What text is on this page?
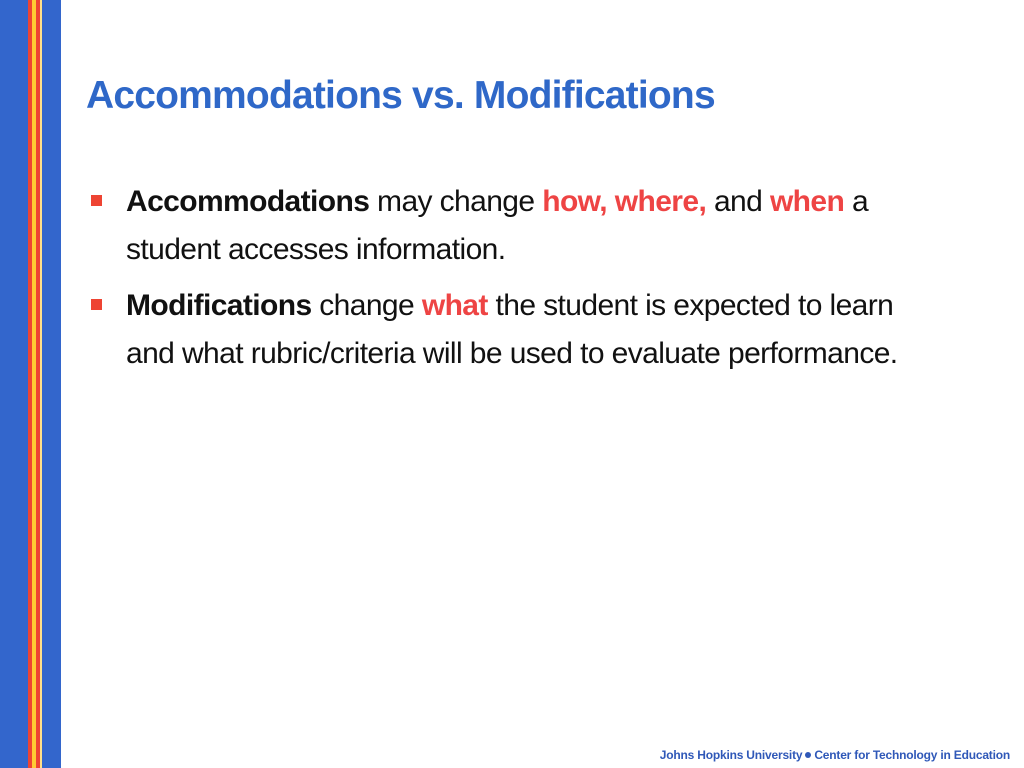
Accommodations vs. Modifications
Accommodations may change how, where, and when a student accesses information.
Modifications change what the student is expected to learn and what rubric/criteria will be used to evaluate performance.
Johns Hopkins University Center for Technology in Education
